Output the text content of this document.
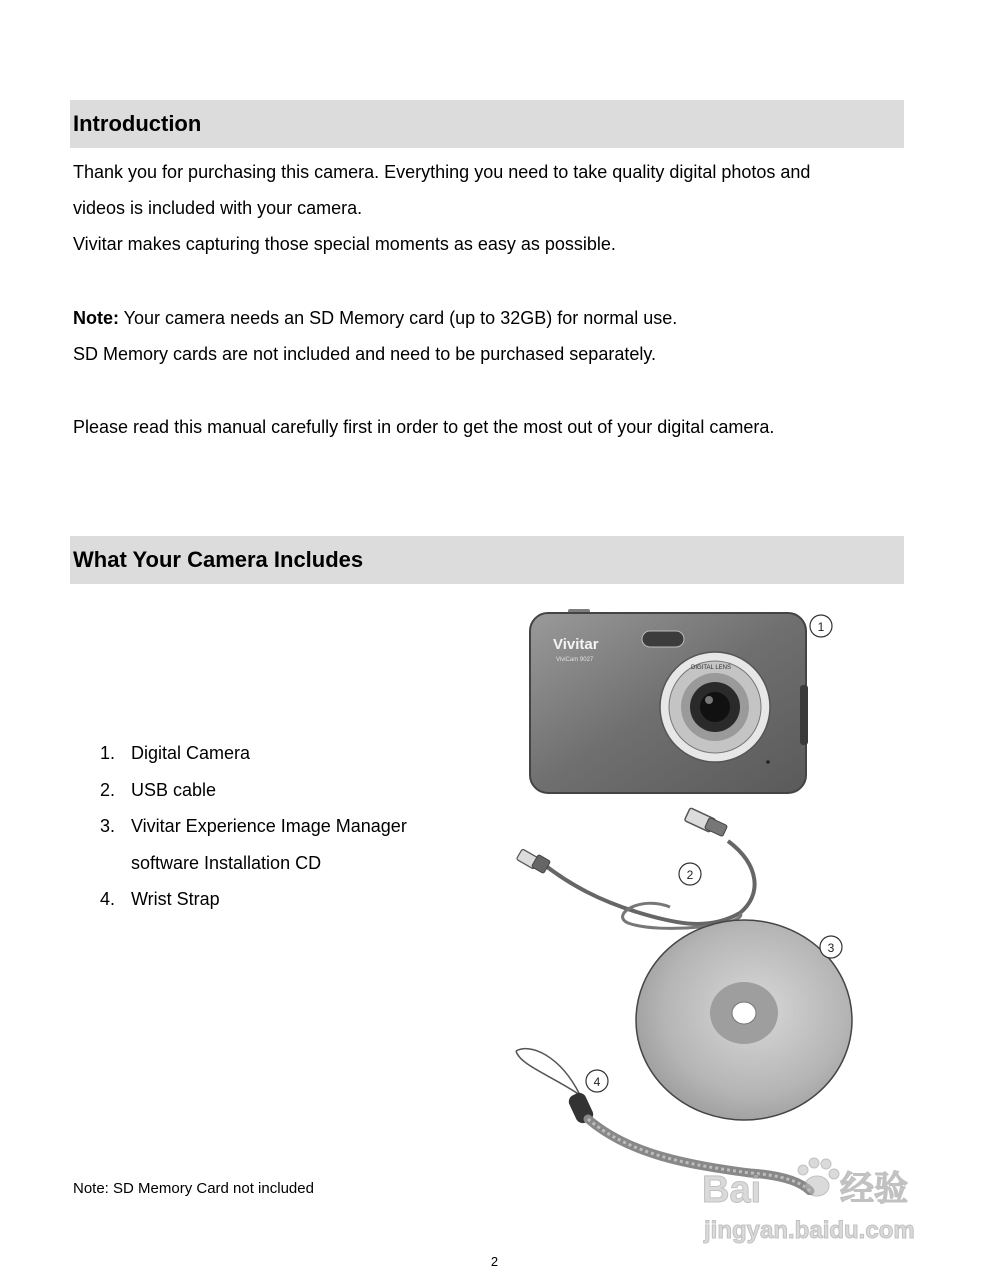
Introduction
Thank you for purchasing this camera. Everything you need to take quality digital photos and
videos is included with your camera.
Vivitar makes capturing those special moments as easy as possible.
Note: Your camera needs an SD Memory card (up to 32GB) for normal use.
SD Memory cards are not included and need to be purchased separately.
Please read this manual carefully first in order to get the most out of your digital camera.
What Your Camera Includes
1. Digital Camera
2. USB cable
3. Vivitar Experience Image Manager
software Installation CD
4. Wrist Strap
Vivitar
ViviCam 9027
DIGITAL LENS
1
2
3
4
Bai 经验
jingyan.baidu.com
Note: SD Memory Card not included
2
